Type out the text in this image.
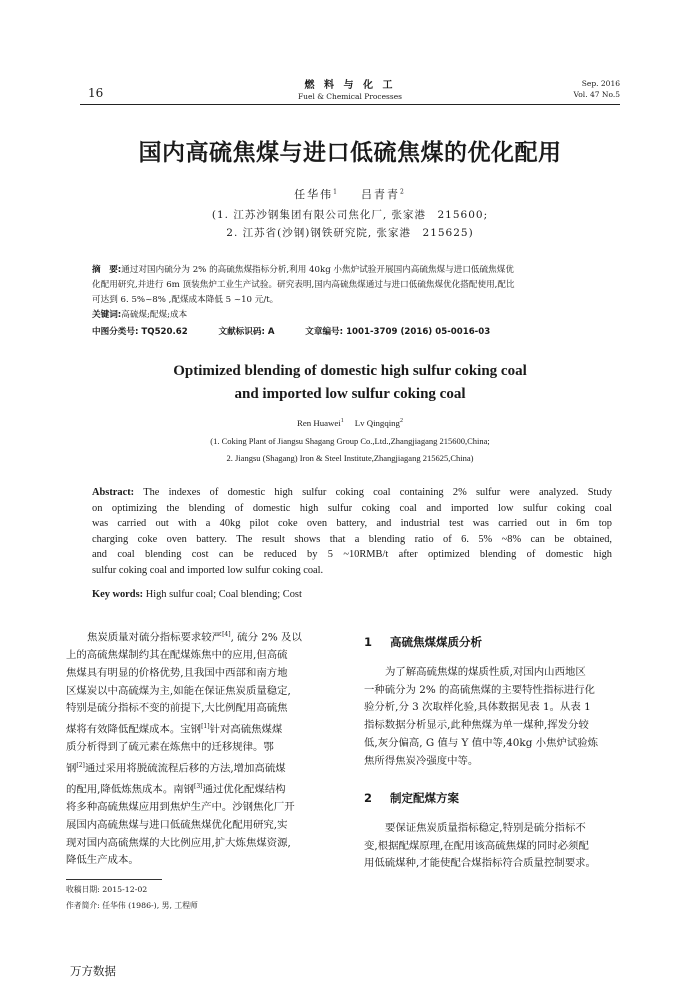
16
燃 料 与 化 工
Fuel & Chemical Processes
Sep. 2016
Vol. 47 No.5
国内高硫焦煤与进口低硫焦煤的优化配用
任华伟$^1$ 吕青青$^2$
(1. 江苏沙钢集团有限公司焦化厂, 张家港　215600;
2. 江苏省(沙钢)钢铁研究院, 张家港　215625)
摘　要:通过对国内硫分为 2% 的高硫焦煤指标分析,利用 40kg 小焦炉试验开展国内高硫焦煤与进口低硫焦煤优
化配用研究,并进行 6m 顶装焦炉工业生产试验。研究表明,国内高硫焦煤通过与进口低硫焦煤优化搭配使用,配比
可达到 6. 5%~8% ,配煤成本降低 5 ~10 元/t。
关键词:高硫煤;配煤;成本
中图分类号: TQ520.62	文献标识码: A	文章编号: 1001-3709 (2016) 05-0016-03
Optimized blending of domestic high sulfur coking coal
and imported low sulfur coking coal
Ren Huawei$^1$ Lv Qingqing$^2$
(1. Coking Plant of Jiangsu Shagang Group Co.,Ltd.,Zhangjiagang 215600,China;
2. Jiangsu (Shagang) Iron & Steel Institute,Zhangjiagang 215625,China)
Abstract: The indexes of domestic high sulfur coking coal containing 2% sulfur were analyzed. Study
on optimizing the blending of domestic high sulfur coking coal and imported low sulfur coking coal
was carried out with a 40kg pilot coke oven battery, and industrial test was carried out in 6m top
charging coke oven battery. The result shows that a blending ratio of 6. 5% ~8% can be obtained,
and coal blending cost can be reduced by 5 ~10RMB/t after optimized blending of domestic high
sulfur coking coal and imported low sulfur coking coal.
Key words: High sulfur coal; Coal blending; Cost
焦炭质量对硫分指标要求较严[4], 硫分 2% 及以
上的高硫焦煤制约其在配煤炼焦中的应用,但高硫
焦煤具有明显的价格优势,且我国中西部和南方地
区煤炭以中高硫煤为主,如能在保证焦炭质量稳定,
特别是硫分指标不变的前提下,大比例配用高硫焦
煤将有效降低配煤成本。宝钢[1]针对高硫焦煤煤
质分析得到了硫元素在炼焦中的迁移规律。鄂
钢[2]通过采用将脱硫流程后移的方法,增加高硫煤
的配用,降低炼焦成本。南钢[3]通过优化配煤结构
将多种高硫焦煤应用到焦炉生产中。沙钢焦化厂开
展国内高硫焦煤与进口低硫焦煤优化配用研究,实
现对国内高硫焦煤的大比例应用,扩大炼焦煤资源,
降低生产成本。
1 高硫焦煤煤质分析
为了解高硫焦煤的煤质性质,对国内山西地区
一种硫分为 2% 的高硫焦煤的主要特性指标进行化
验分析,分 3 次取样化验,具体数据见表 1。从表 1
指标数据分析显示,此种焦煤为单一煤种,挥发分较
低,灰分偏高, G 值与 Y 值中等,40kg 小焦炉试验炼
焦所得焦炭冷强度中等。
2 制定配煤方案
要保证焦炭质量指标稳定,特别是硫分指标不
变,根据配煤原理,在配用该高硫焦煤的同时必须配
用低硫煤种,才能使配合煤指标符合质量控制要求。
收稿日期: 2015-12-02
作者简介: 任华伟 (1986-), 男, 工程师
万方数据
